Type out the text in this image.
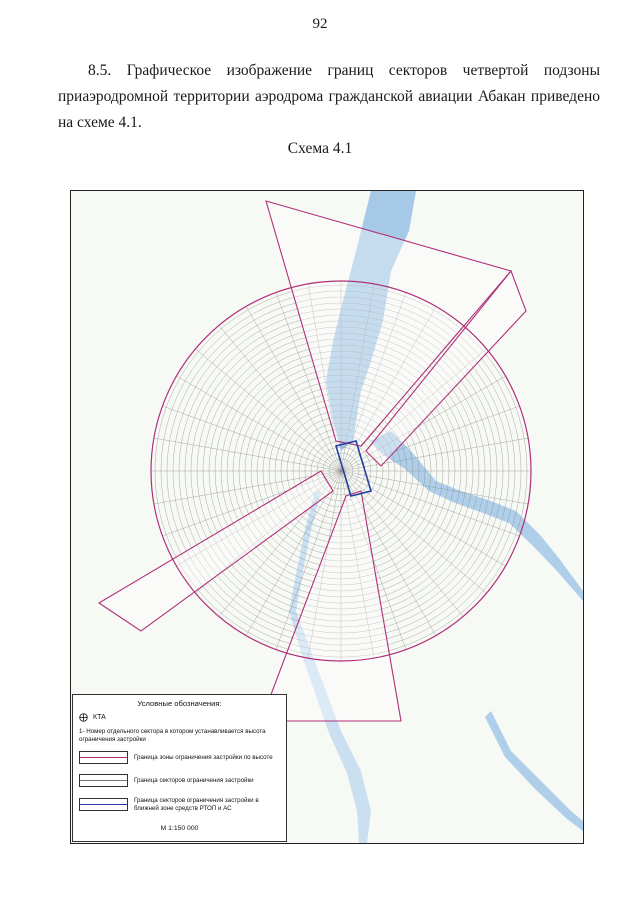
92
8.5. Графическое изображение границ секторов четвертой подзоны приаэродромной территории аэродрома гражданской авиации Абакан приведено на схеме 4.1.
Схема 4.1
Условные обозначения:
КТА
1- Номер отдельного сектора в котором устанавливается высота ограничения застройки
Граница зоны ограничения застройки по высоте
Граница секторов ограничения застройки
Граница секторов ограничения застройки в ближней зоне средств РТОП и АС
М 1:150 000
